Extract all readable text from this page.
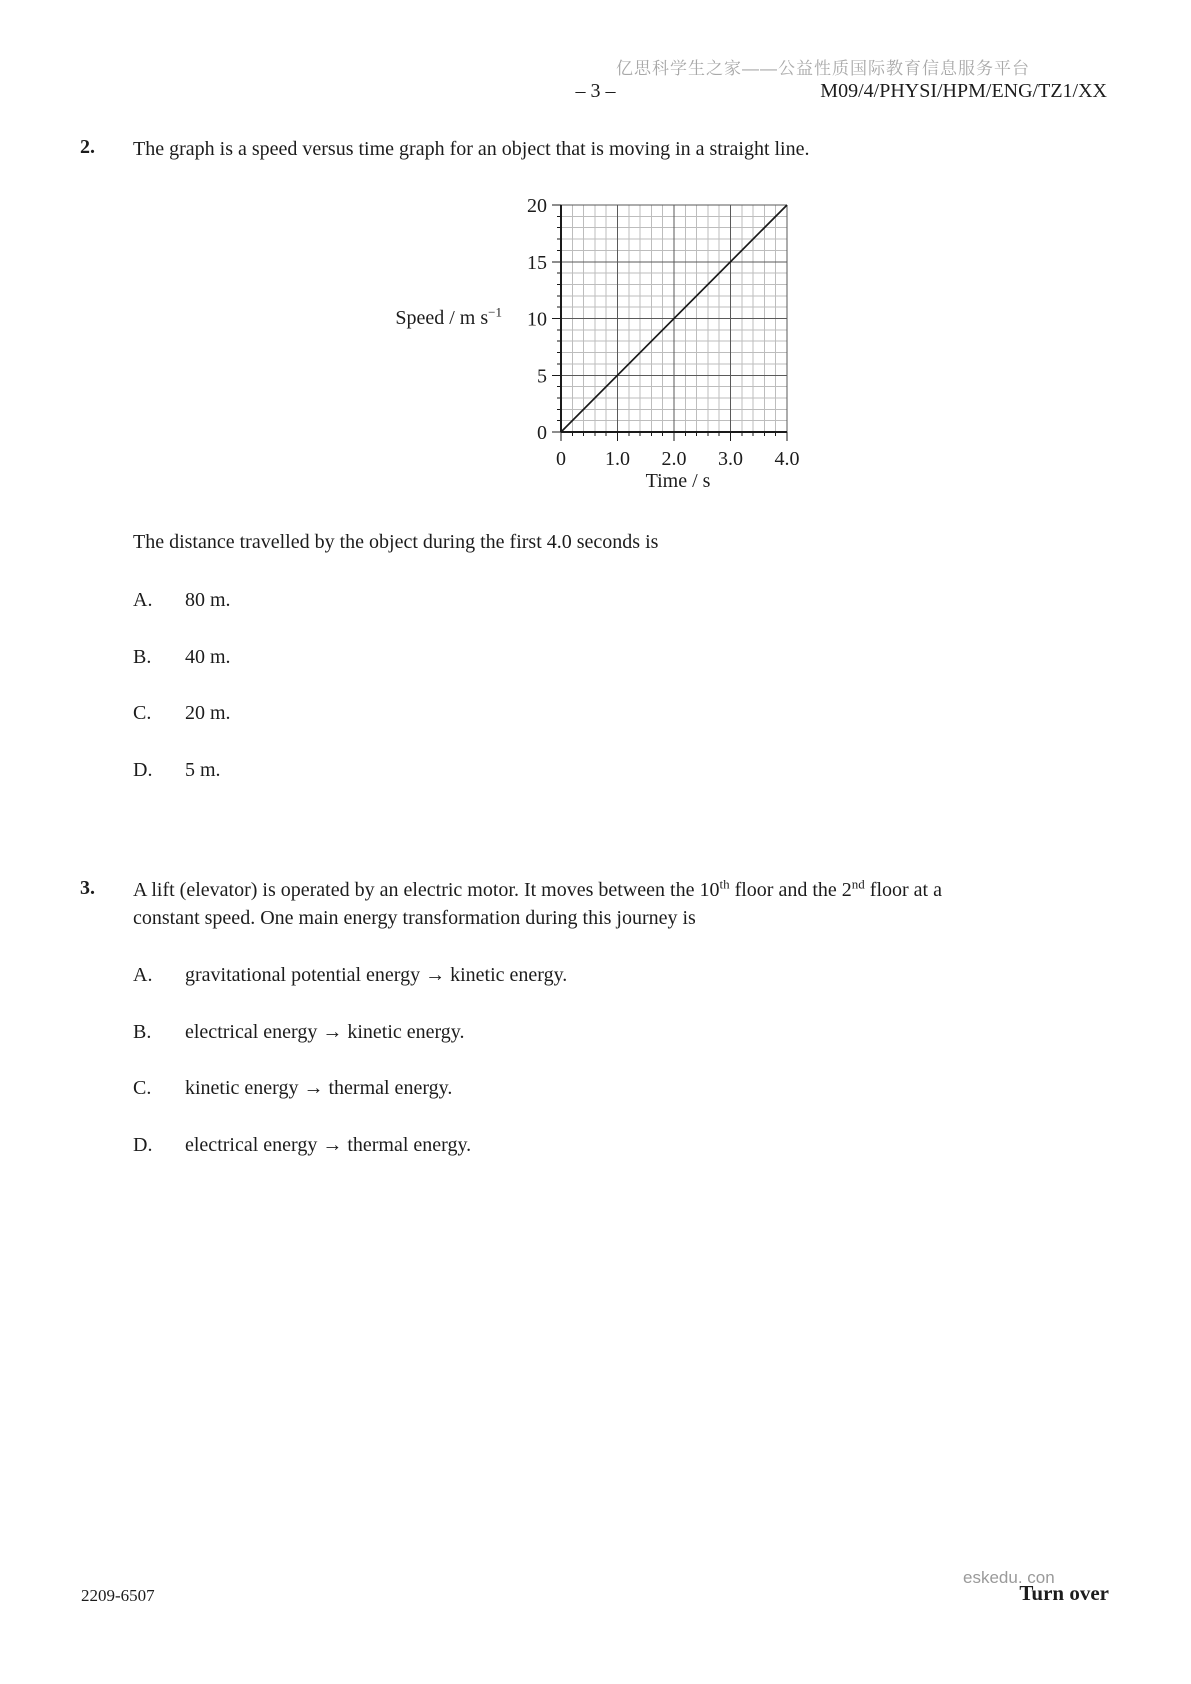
亿思科学生之家——公益性质国际教育信息服务平台
– 3 –	M09/4/PHYSI/HPM/ENG/TZ1/XX
2. The graph is a speed versus time graph for an object that is moving in a straight line.
0 1.0 2.0 3.0 4.0
0
5
10
15
20
Speed / m $s^{-1}$
Time / s
The distance travelled by the object during the first 4.0 seconds is
A. 80 m.
B. 40 m.
C. 20 m.
D. 5 m.
3. A lift (elevator) is operated by an electric motor. It moves between the 10th floor and the 2nd floor at a
constant speed. One main energy transformation during this journey is
A. gravitational potential energy → kinetic energy.
B. electrical energy → kinetic energy.
C. kinetic energy → thermal energy.
D. electrical energy → thermal energy.
2209-6507
eskedu. con
Turn over
